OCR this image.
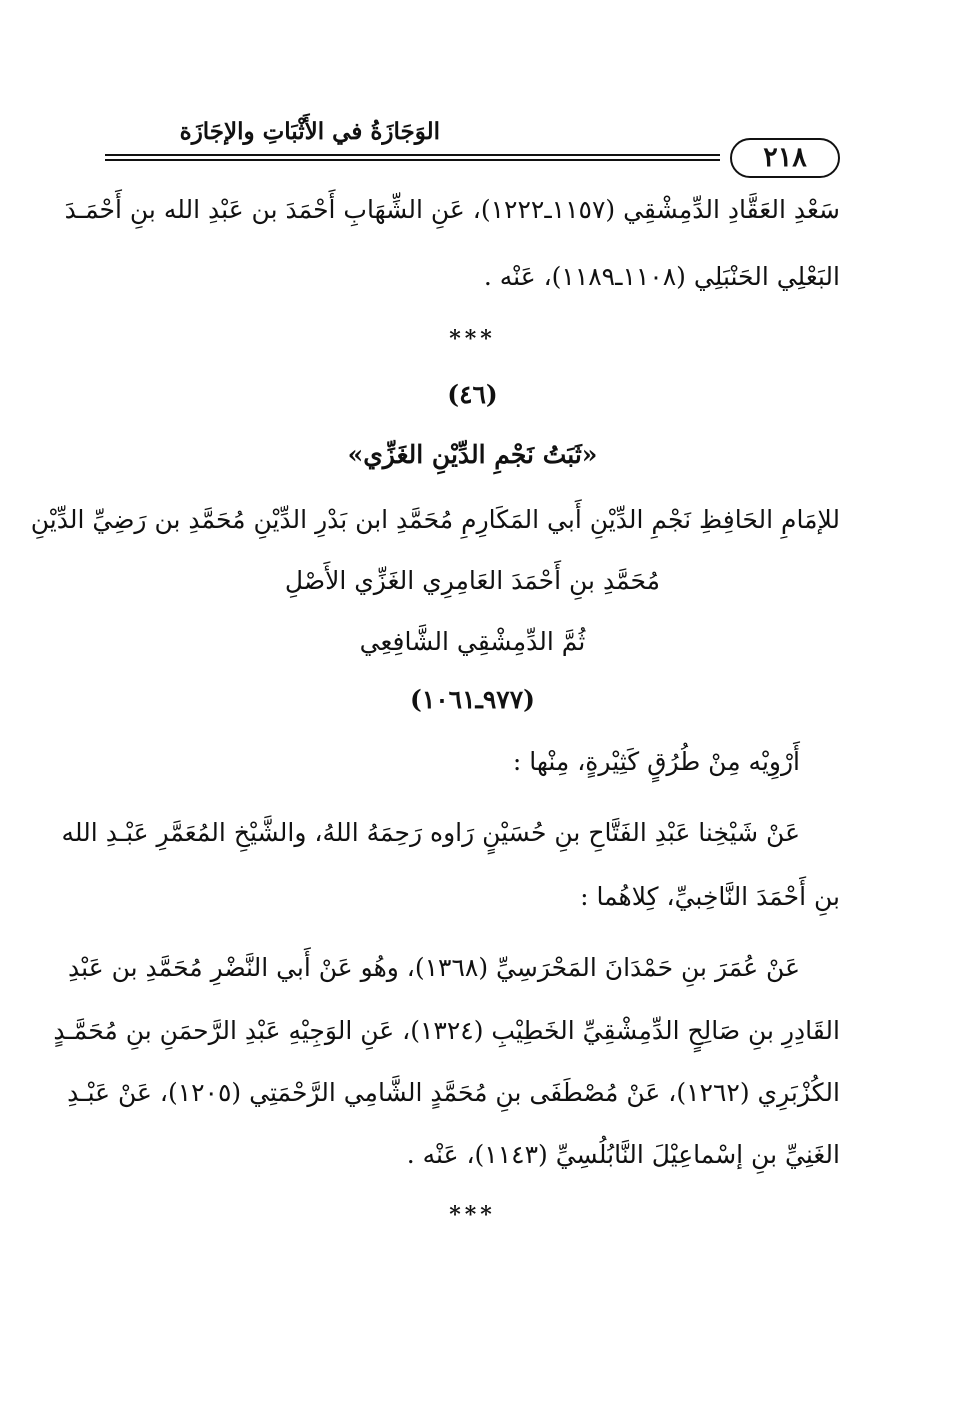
الوَجَازَةُ في الأَثْبَاتِ والإجَازَة
٢١٨
سَعْدِ العَقَّادِ الدِّمِشْقِي (١١٥٧ـ١٢٢٢)، عَنِ الشِّهَابِ أَحْمَدَ بن عَبْدِ الله بنِ أَحْمَـدَ
البَعْلِي الحَنْبَلِي (١١٠٨ـ١١٨٩)، عَنْه .
***
(٤٦)
«ثَبَتُ نَجْمِ الدِّيْنِ الغَزِّي»
للإمَامِ الحَافِظِ نَجْمِ الدِّيْنِ أَبي المَكَارِمِ مُحَمَّدِ ابن بَدْرِ الدِّيْنِ مُحَمَّدِ بن رَضِيِّ الدِّيْنِ
مُحَمَّدِ بنِ أَحْمَدَ العَامِرِي الغَزِّي الأَصْلِ
ثُمَّ الدِّمِشْقِي الشَّافِعِي
(٩٧٧ـ١٠٦١)
أَرْوِيْه مِنْ طُرُقٍ كَثِيْرةٍ، مِنْها :
عَنْ شَيْخِنا عَبْدِ الفَتَّاحِ بنِ حُسَيْنٍ رَاوه رَحِمَهُ اللهُ، والشَّيْخِ المُعَمَّرِ عَبْـدِ الله
بنِ أَحْمَدَ النَّاخِبيِّ، كِلاهُما :
عَنْ عُمَرَ بنِ حَمْدَانَ المَحْرَسِيِّ (١٣٦٨)، وهُو عَنْ أَبي النَّضْرِ مُحَمَّدِ بن عَبْدِ
القَادِرِ بنِ صَالِحٍ الدِّمِشْقِيِّ الخَطِيْبِ (١٣٢٤)، عَنِ الوَجِيْهِ عَبْدِ الرَّحمَنِ بنِ مُحَمَّـدٍ
الكُزْبَرِي (١٢٦٢)، عَنْ مُصْطَفَى بنِ مُحَمَّدٍ الشَّامِي الرَّحْمَتِي (١٢٠٥)، عَنْ عَبْـدِ
الغَنِيِّ بنِ إسْماعِيْلَ النَّابُلُسِيِّ (١١٤٣)، عَنْه .
***
